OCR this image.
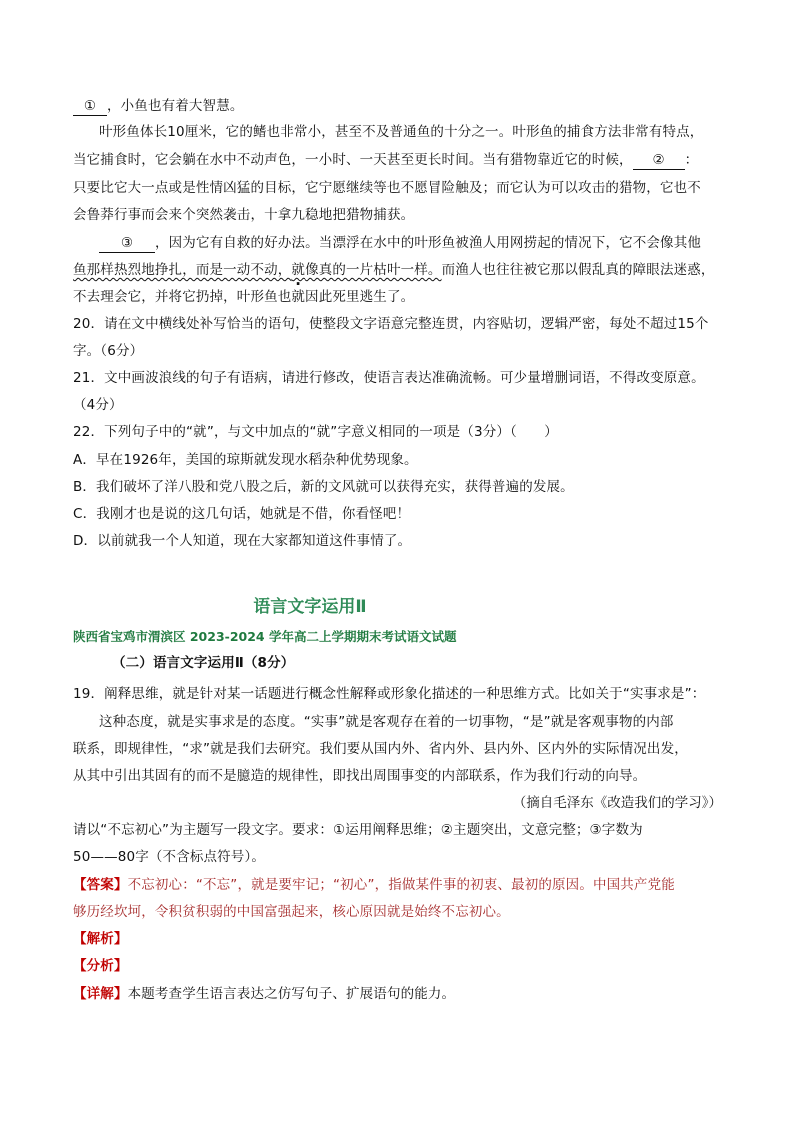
① ，小鱼也有着大智慧。
叶形鱼体长10厘米，它的鳍也非常小，甚至不及普通鱼的十分之一。叶形鱼的捕食方法非常有特点，
当它捕食时，它会躺在水中不动声色，一小时、一天甚至更长时间。当有猎物靠近它的时候， ② ：
只要比它大一点或是性情凶猛的目标，它宁愿继续等也不愿冒险触及；而它认为可以攻击的猎物，它也不
会鲁莽行事而会来个突然袭击，十拿九稳地把猎物捕获。
③ ，因为它有自救的好办法。当漂浮在水中的叶形鱼被渔人用网捞起的情况下，它不会像其他
鱼那样热烈地挣扎，而是一动不动，就像真的一片枯叶一样。而渔人也往往被它那以假乱真的障眼法迷惑，
不去理会它，并将它扔掉，叶形鱼也就因此死里逃生了。
20．请在文中横线处补写恰当的语句，使整段文字语意完整连贯，内容贴切，逻辑严密，每处不超过15个
字。（6分）
21．文中画波浪线的句子有语病，请进行修改，使语言表达准确流畅。可少量增删词语，不得改变原意。
（4分）
22．下列句子中的“就”，与文中加点的“就”字意义相同的一项是（3分）（　　）
A．早在1926年，美国的琼斯就发现水稻杂种优势现象。
B．我们破坏了洋八股和党八股之后，新的文风就可以获得充实，获得普遍的发展。
C．我刚才也是说的这几句话，她就是不借，你看怪吧！
D．以前就我一个人知道，现在大家都知道这件事情了。
语言文字运用Ⅱ
陕西省宝鸡市渭滨区 2023-2024 学年高二上学期期末考试语文试题
（二）语言文字运用Ⅱ（8分）
19．阐释思维，就是针对某一话题进行概念性解释或形象化描述的一种思维方式。比如关于“实事求是”：
这种态度，就是实事求是的态度。“实事”就是客观存在着的一切事物，“是”就是客观事物的内部
联系，即规律性，“求”就是我们去研究。我们要从国内外、省内外、县内外、区内外的实际情况出发，
从其中引出其固有的而不是臆造的规律性，即找出周围事变的内部联系，作为我们行动的向导。
（摘自毛泽东《改造我们的学习》）
请以“不忘初心”为主题写一段文字。要求：①运用阐释思维；②主题突出，文意完整；③字数为
50——80字（不含标点符号）。
【答案】不忘初心：“不忘”，就是要牢记；“初心”，指做某件事的初衷、最初的原因。中国共产党能
够历经坎坷，令积贫积弱的中国富强起来，核心原因就是始终不忘初心。
【解析】
【分析】
【详解】本题考查学生语言表达之仿写句子、扩展语句的能力。
